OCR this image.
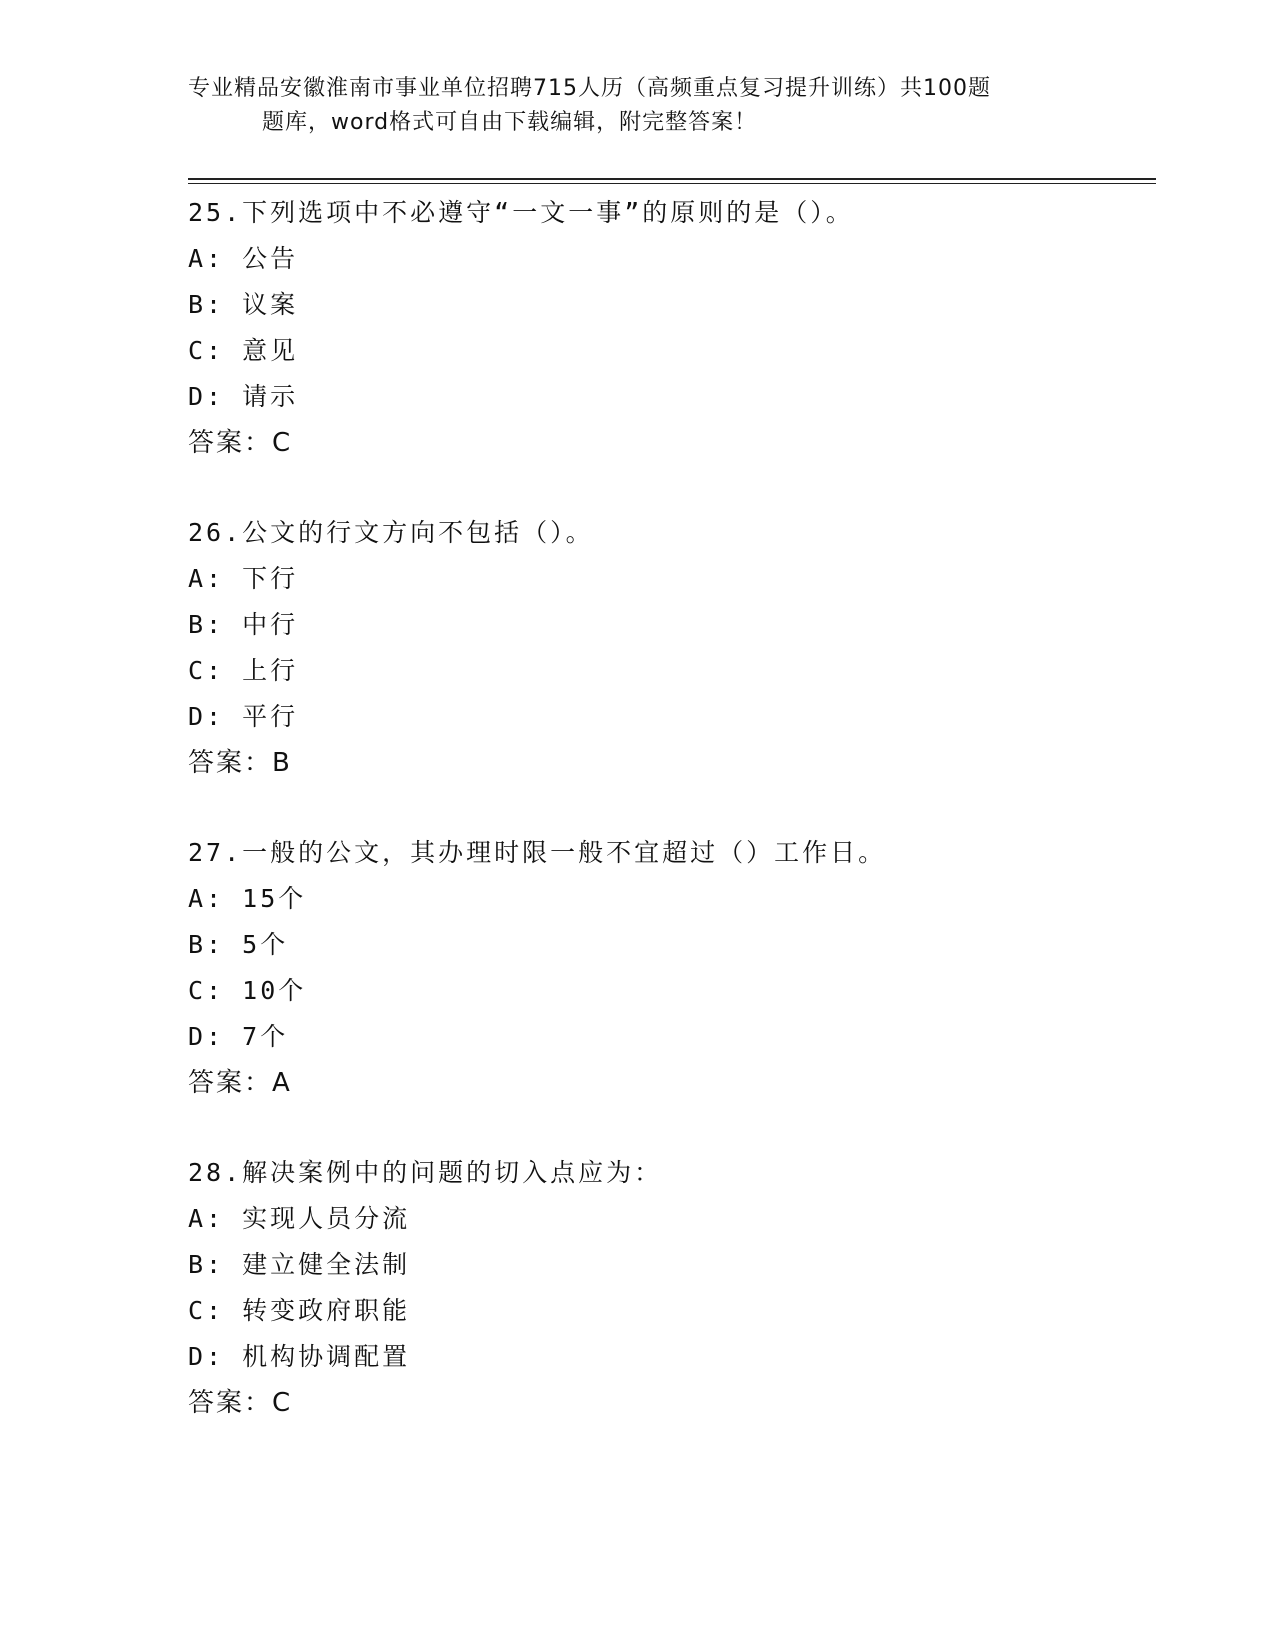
专业精品安徽淮南市事业单位招聘715人历（高频重点复习提升训练）共100题
题库，word格式可自由下载编辑，附完整答案！
25.下列选项中不必遵守“一文一事”的原则的是（）。
A: 公告
B: 议案
C: 意见
D: 请示
答案：C
26.公文的行文方向不包括（）。
A: 下行
B: 中行
C: 上行
D: 平行
答案：B
27.一般的公文，其办理时限一般不宜超过（）工作日。
A: 15个
B: 5个
C: 10个
D: 7个
答案：A
28.解决案例中的问题的切入点应为：
A: 实现人员分流
B: 建立健全法制
C: 转变政府职能
D: 机构协调配置
答案：C
